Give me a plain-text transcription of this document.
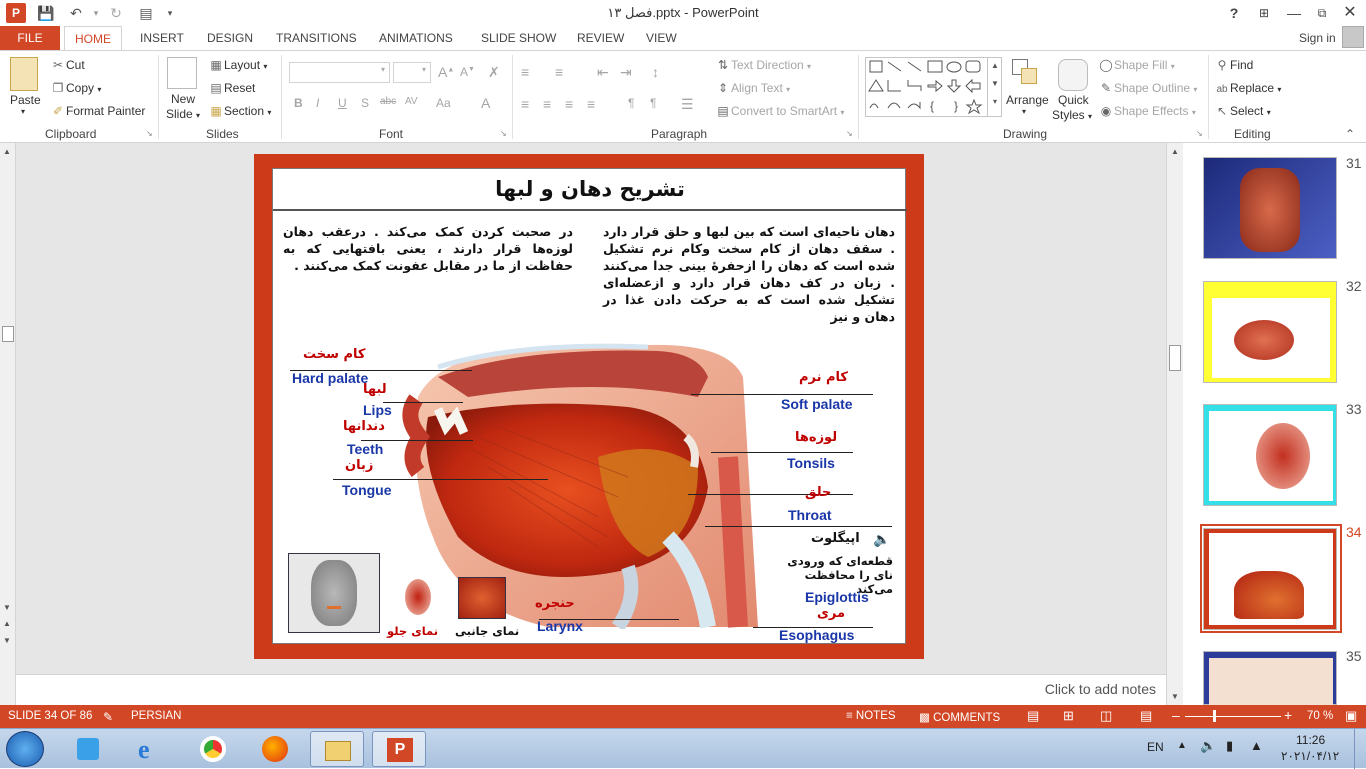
P	💾 ↶	▾ ↻ ▤	▾	فصل ۱۳.pptx - PowerPoint	?	⊞	—	⧉	✕
FILE	HOME	INSERT DESIGN TRANSITIONS ANIMATIONS SLIDE SHOW REVIEW VIEW	Sign in
Paste
▾
✂ Cut
❐ Copy ▾
✐ Format Painter
Clipboard	↘
New
Slide ▾
▦ Layout ▾
▤ Reset
▦ Section ▾
Slides
▾	▾ A▲ A▼ ✗
B I U S abc AV Aa A
Font	↘
≡ ≡ ⇤ ⇥ ↕
≡ ≡ ≡ ≡	¶ ¶ ☰
⇅ Text Direction ▾
⇕ Align Text ▾
▤ Convert to SmartArt ▾
Paragraph	↘
{ }
▲
▼
▾ Arrange
▾
Quick
Styles ▾
◯Shape Fill ▾
✎ Shape Outline ▾
◉ Shape Effects ▾
Drawing	↘
⚲ Find
ab Replace ▾
↖ Select ▾
Editing	⌃
▲
▼
▲
▼
Click to add notes
▲
▼
31
32
33
34
35
تشریح دهان و لبها
دهان ناحیه‌ای است که بین لبها و حلق قرار دارد . سقف دهان از کام سخت وکام نرم تشکیل شده است که دهان را ازحفرۀ بینی جدا می‌کنند . زبان در کف دهان قرار دارد و ازعضله‌ای تشکیل شده است که به حرکت دادن غذا در دهان و نیز
در صحبت کردن کمک می‌کند . درعقب دهان لوزه‌ها قرار دارند ، یعنی بافتهایی که به حفاظت از ما در مقابل عفونت کمک می‌کنند .
کام سخت
Hard palate
لبها
Lips
دندانها
Teeth
زبان
Tongue
کام نرم
Soft palate
لوزه‌ها
Tonsils
حلق
Throat
اپیگلوت 🔈
قطعه‌ای که ورودی نای را محافظت می‌کند
Epiglottis
مری
Esophagus
حنجره
Larynx
نمای جانبی
نمای جلو
SLIDE 34 OF 86 ✎ PERSIAN	≡ NOTES ▩ COMMENTS ▤ ⊞ ◫ ▤ –	+ 70 % ▣
e	P	EN ▲ 🔈 ▮ ▲	11:26
۲۰۲۱/۰۴/۱۲
